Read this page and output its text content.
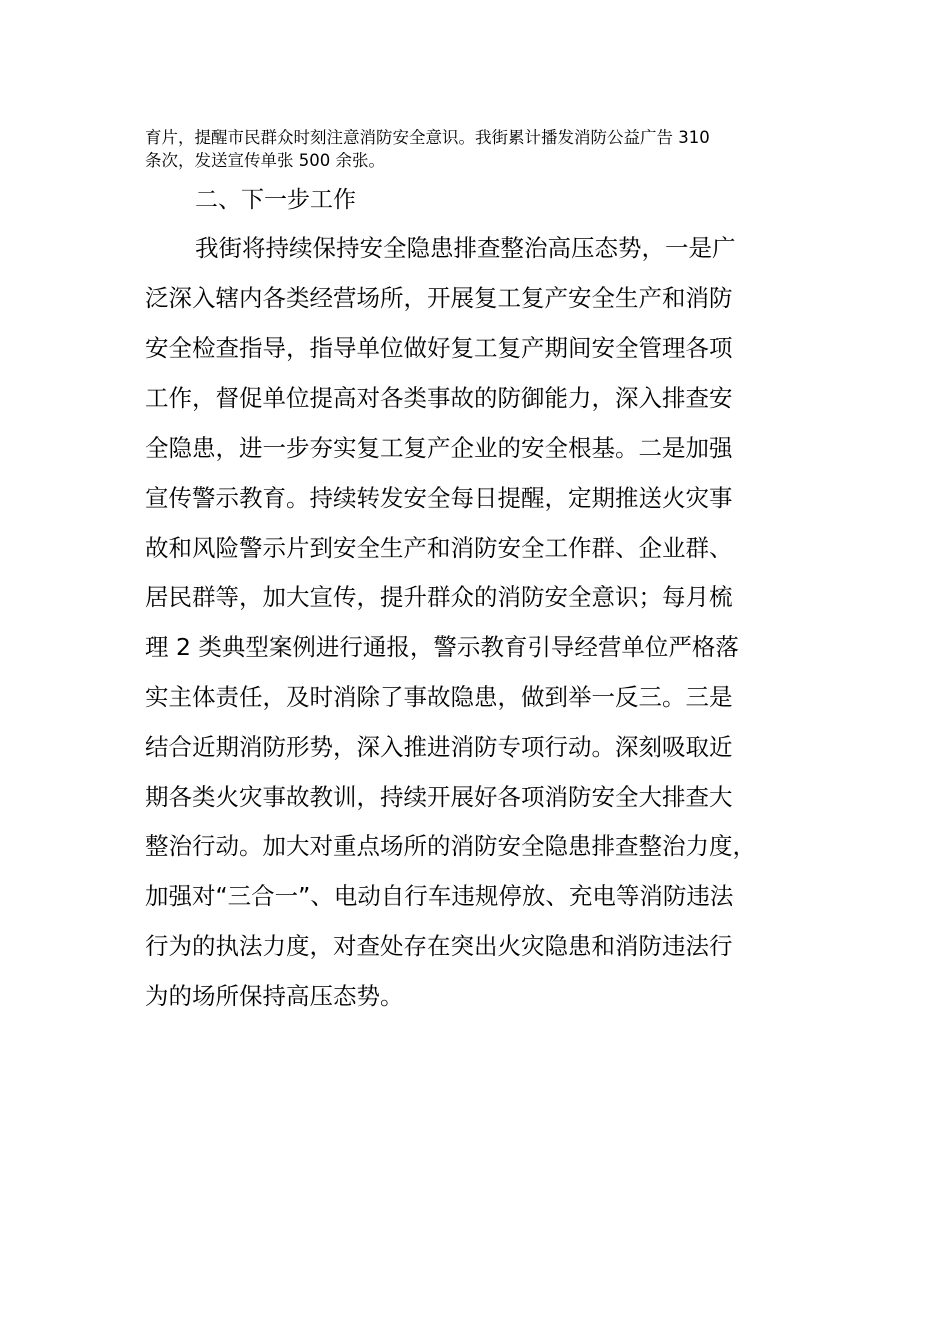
育片，提醒市民群众时刻注意消防安全意识。我街累计播发消防公益广告 310
条次，发送宣传单张 500 余张。
二、下一步工作
我街将持续保持安全隐患排查整治高压态势，一是广
泛深入辖内各类经营场所，开展复工复产安全生产和消防
安全检查指导，指导单位做好复工复产期间安全管理各项
工作，督促单位提高对各类事故的防御能力，深入排查安
全隐患，进一步夯实复工复产企业的安全根基。二是加强
宣传警示教育。持续转发安全每日提醒，定期推送火灾事
故和风险警示片到安全生产和消防安全工作群、企业群、
居民群等，加大宣传，提升群众的消防安全意识；每月梳
理 2 类典型案例进行通报，警示教育引导经营单位严格落
实主体责任，及时消除了事故隐患，做到举一反三。三是
结合近期消防形势，深入推进消防专项行动。深刻吸取近
期各类火灾事故教训，持续开展好各项消防安全大排查大
整治行动。加大对重点场所的消防安全隐患排查整治力度，
加强对“三合一”、电动自行车违规停放、充电等消防违法
行为的执法力度，对查处存在突出火灾隐患和消防违法行
为的场所保持高压态势。
